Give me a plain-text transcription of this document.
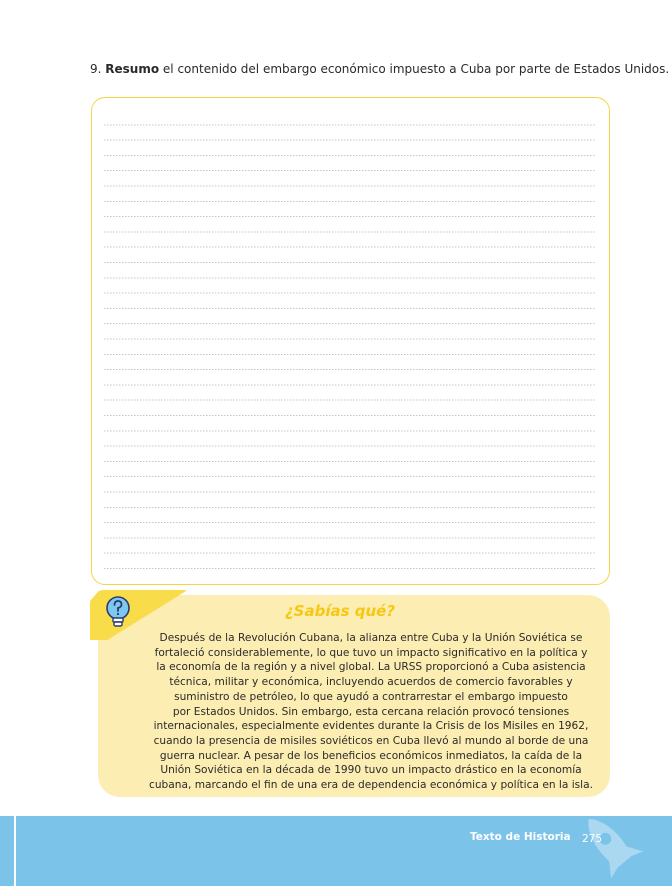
9. Resumo el contenido del embargo económico impuesto a Cuba por parte de Estados Unidos.
¿Sabías qué?

Después de la Revolución Cubana, la alianza entre Cuba y la Unión Soviética se
fortaleció considerablemente, lo que tuvo un impacto significativo en la política y
la economía de la región y a nivel global. La URSS proporcionó a Cuba asistencia
técnica, militar y económica, incluyendo acuerdos de comercio favorables y
suministro de petróleo, lo que ayudó a contrarrestar el embargo impuesto
por Estados Unidos. Sin embargo, esta cercana relación provocó tensiones
internacionales, especialmente evidentes durante la Crisis de los Misiles en 1962,
cuando la presencia de misiles soviéticos en Cuba llevó al mundo al borde de una
guerra nuclear. A pesar de los beneficios económicos inmediatos, la caída de la
Unión Soviética en la década de 1990 tuvo un impacto drástico en la economía
cubana, marcando el fin de una era de dependencia económica y política en la isla.

Texto de Historia 275
